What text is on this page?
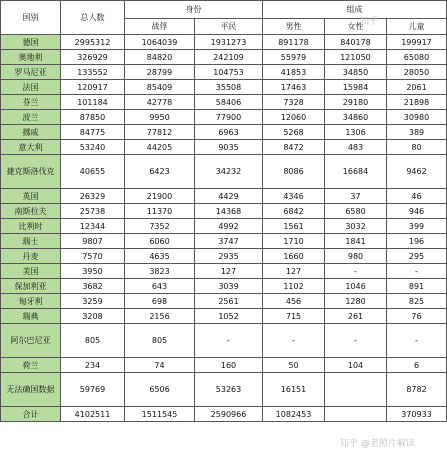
国别	总人数	身份		组成		
		战俘	平民	男性	女性	儿童
德国	2995312	1064039	1931273	891178	840178	199917
奥地利	326929	84820	242109	55979	121050	65080
罗马尼亚	133552	28799	104753	41853	34850	28050
法国	120917	85409	35508	17463	15984	2061
芬兰	101184	42778	58406	7328	29180	21898
波兰	87850	9950	77900	12060	34860	30980
挪威	84775	77812	6963	5268	1306	389
意大利	53240	44205	9035	8472	483	80
捷克斯洛伐克	40655	6423	34232	8086	16684	9462
英国	26329	21900	4429	4346	37	46
南斯拉夫	25738	11370	14368	6842	6580	946
比利时	12344	7352	4992	1561	3032	399
瑞士	9807	6060	3747	1710	1841	196
丹麦	7570	4635	2935	1660	980	295
美国	3950	3823	127	127	-	-
保加利亚	3682	643	3039	1102	1046	891
匈牙利	3259	698	2561	456	1280	825
瑞典	3208	2156	1052	715	261	76
阿尔巴尼亚	805	805	-	-	-	-
荷兰	234	74	160	50	104	6
无法确国数据	59769	6506	53263	16151		8782
合计	4102511	1511545	2590966	1082453		370933
知乎
知乎 @老照片解读
